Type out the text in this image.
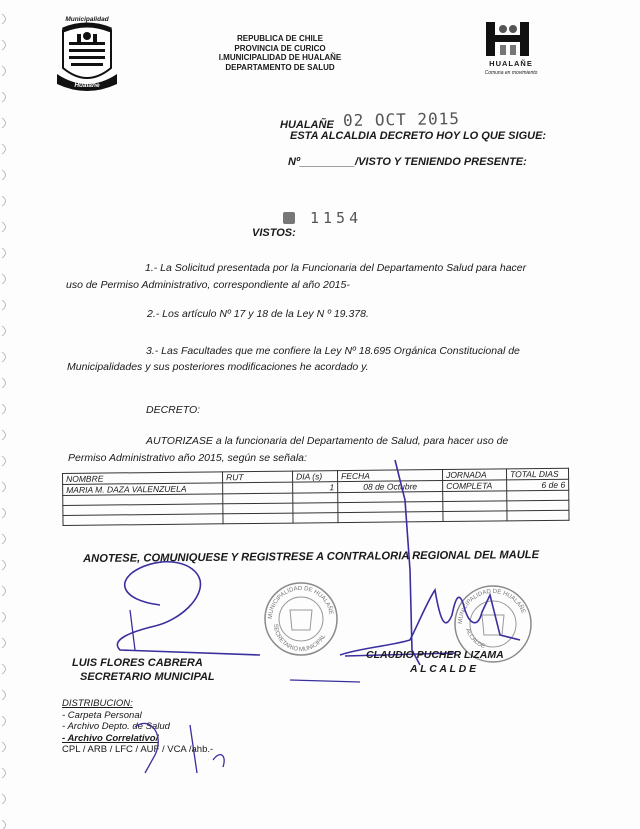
Municipalidad
Hualañe
REPUBLICA DE CHILE
PROVINCIA DE CURICO
I.MUNICIPALIDAD DE HUALAÑE
DEPARTAMENTO DE SALUD	HUALAÑE
Comuna en movimiento
HUALAÑE 02 OCT 2015
ESTA ALCALDIA DECRETO HOY LO QUE SIGUE:
Nº_________/VISTO Y TENIENDO PRESENTE:
VISTOS:
1154
1.- La Solicitud presentada por la Funcionaria del Departamento Salud para hacer
uso de Permiso Administrativo, correspondiente al año 2015-
2.- Los artículo Nº 17 y 18 de la Ley N º 19.378.
3.- Las Facultades que me confiere la Ley Nº 18.695 Orgánica Constitucional de
Municipalidades y sus posteriores modificaciones he acordado y.
DECRETO:
AUTORIZASE a la funcionaria del Departamento de Salud, para hacer uso de
Permiso Administrativo año 2015, según se señala:
NOMBRE	RUT	DIA (s)	FECHA	JORNADA	TOTAL DIAS
MARIA M. DAZA VALENZUELA		1	08 de Octubre	COMPLETA	6 de 6

ANOTESE, COMUNIQUESE Y REGISTRESE A CONTRALORIA REGIONAL DEL MAULE
MUNICIPALIDAD DE HUALAÑE
SECRETARIO MUNICIPAL
MUNICIPALIDAD DE HUALAÑE
ALCALDE
LUIS FLORES CABRERA
SECRETARIO MUNICIPAL
CLAUDIO PUCHER LIZAMA
A L C A L D E
DISTRIBUCION:
- Carpeta Personal
- Archivo Depto. de Salud
- Archivo Correlativo/
CPL / ARB / LFC / AUF / VCA /ahb.-
